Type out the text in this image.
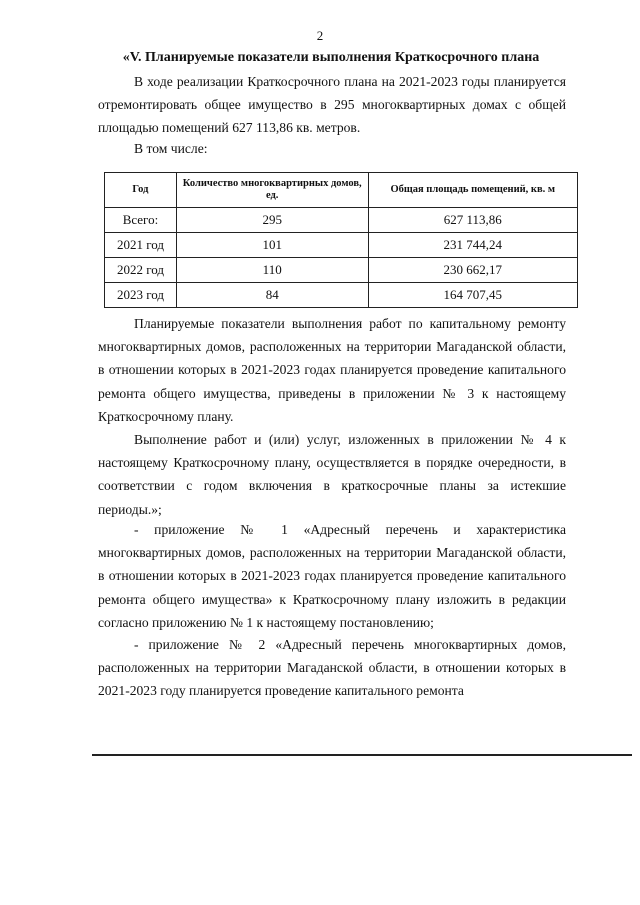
2
«V. Планируемые показатели выполнения Краткосрочного плана

В ходе реализации Краткосрочного плана на 2021-2023 годы планируется отремонтировать общее имущество в 295 многоквартирных домах с общей площадью помещений 627 113,86 кв. метров.

В том числе:

Год	Количество многоквартирных домов, ед.	Общая площадь помещений, кв. м
Всего:	295	627 113,86
2021 год	101	231 744,24
2022 год	110	230 662,17
2023 год	84	164 707,45

Планируемые показатели выполнения работ по капитальному ремонту многоквартирных домов, расположенных на территории Магаданской области, в отношении которых в 2021-2023 годах планируется проведение капитального ремонта общего имущества, приведены в приложении № 3 к настоящему Краткосрочному плану.

Выполнение работ и (или) услуг, изложенных в приложении № 4 к настоящему Краткосрочному плану, осуществляется в порядке очередности, в соответствии с годом включения в краткосрочные планы за истекшие периоды.»;

- приложение № 1 «Адресный перечень и характеристика многоквартирных домов, расположенных на территории Магаданской области, в отношении которых в 2021-2023 годах планируется проведение капитального ремонта общего имущества» к Краткосрочному плану изложить в редакции согласно приложению № 1 к настоящему постановлению;

- приложение № 2 «Адресный перечень многоквартирных домов, расположенных на территории Магаданской области, в отношении которых в 2021-2023 году планируется проведение капитального ремонта
